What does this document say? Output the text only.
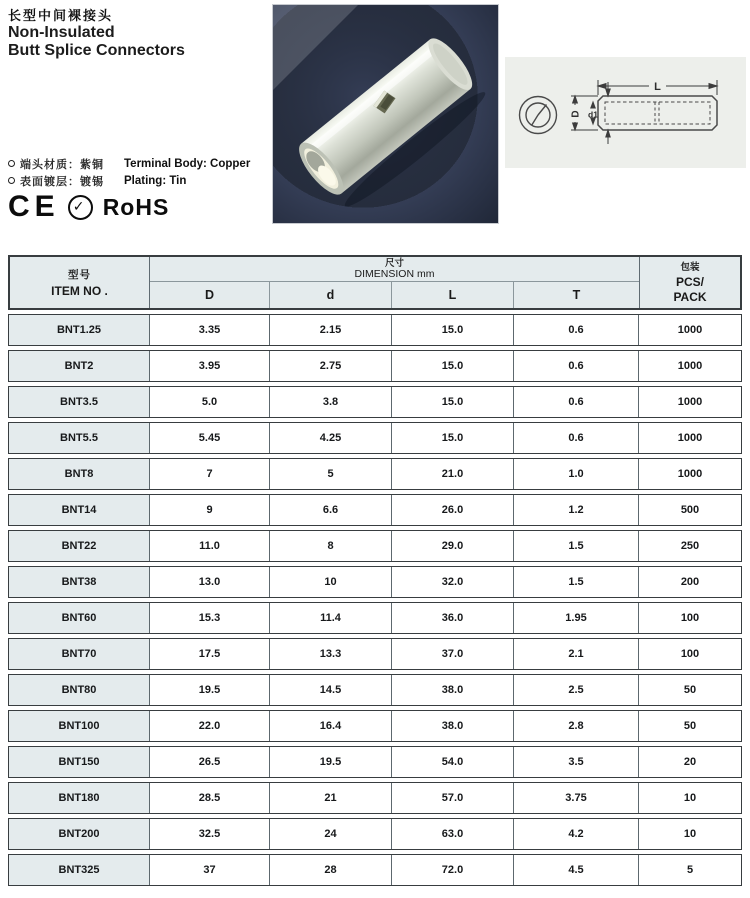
长型中间裸接头
Non-Insulated
Butt Splice Connectors
L
D d1
端头材质：紫铜	Terminal Body: Copper
表面镀层：镀锡	Plating: Tin
CE ✓ RoHS
型号
ITEM NO .
尺寸
DIMENSION mm
D	d	L	T
包装
PCS/
PACK
BNT1.25	3.35	2.15	15.0	0.6	1000
BNT2	3.95	2.75	15.0	0.6	1000
BNT3.5	5.0	3.8	15.0	0.6	1000
BNT5.5	5.45	4.25	15.0	0.6	1000
BNT8	7	5	21.0	1.0	1000
BNT14	9	6.6	26.0	1.2	500
BNT22	11.0	8	29.0	1.5	250
BNT38	13.0	10	32.0	1.5	200
BNT60	15.3	11.4	36.0	1.95	100
BNT70	17.5	13.3	37.0	2.1	100
BNT80	19.5	14.5	38.0	2.5	50
BNT100	22.0	16.4	38.0	2.8	50
BNT150	26.5	19.5	54.0	3.5	20
BNT180	28.5	21	57.0	3.75	10
BNT200	32.5	24	63.0	4.2	10
BNT325	37	28	72.0	4.5	5
